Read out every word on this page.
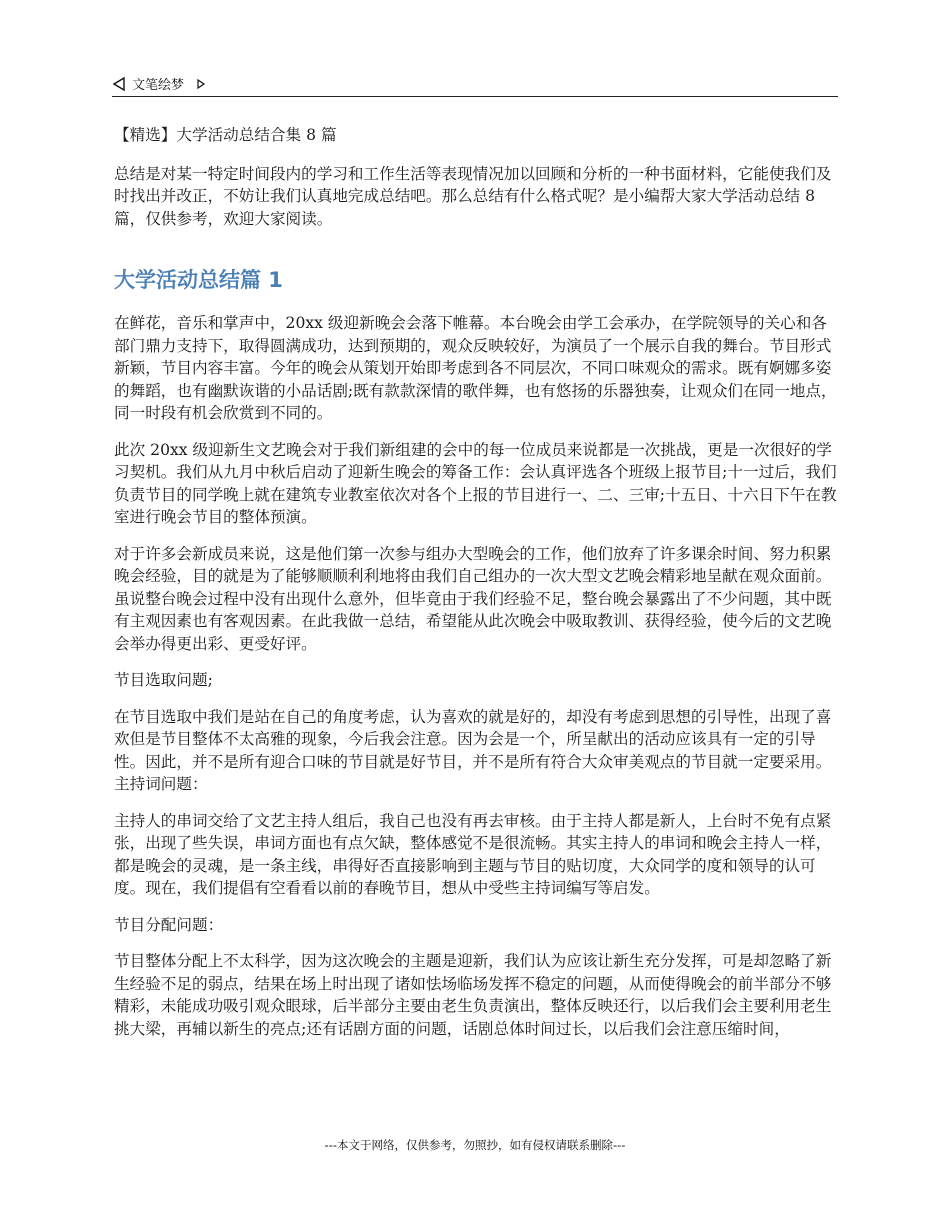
文笔绘梦

【精选】大学活动总结合集 8 篇

总结是对某一特定时间段内的学习和工作生活等表现情况加以回顾和分析的一种书面材料，它能使我们及时找出并改正，不妨让我们认真地完成总结吧。那么总结有什么格式呢？是小编帮大家大学活动总结 8 篇，仅供参考，欢迎大家阅读。

大学活动总结篇 1

在鲜花，音乐和掌声中，20xx 级迎新晚会会落下帷幕。本台晚会由学工会承办，在学院领导的关心和各部门鼎力支持下，取得圆满成功，达到预期的，观众反映较好，为演员了一个展示自我的舞台。节目形式新颖，节目内容丰富。今年的晚会从策划开始即考虑到各不同层次，不同口味观众的需求。既有婀娜多姿的舞蹈，也有幽默诙谐的小品话剧;既有款款深情的歌伴舞，也有悠扬的乐器独奏，让观众们在同一地点，同一时段有机会欣赏到不同的。

此次 20xx 级迎新生文艺晚会对于我们新组建的会中的每一位成员来说都是一次挑战，更是一次很好的学习契机。我们从九月中秋后启动了迎新生晚会的筹备工作：会认真评选各个班级上报节目;十一过后，我们负责节目的同学晚上就在建筑专业教室依次对各个上报的节目进行一、二、三审;十五日、十六日下午在教室进行晚会节目的整体预演。

对于许多会新成员来说，这是他们第一次参与组办大型晚会的工作，他们放弃了许多课余时间、努力积累晚会经验，目的就是为了能够顺顺利利地将由我们自己组办的一次大型文艺晚会精彩地呈献在观众面前。虽说整台晚会过程中没有出现什么意外，但毕竟由于我们经验不足，整台晚会暴露出了不少问题，其中既有主观因素也有客观因素。在此我做一总结，希望能从此次晚会中吸取教训、获得经验，使今后的文艺晚会举办得更出彩、更受好评。

节目选取问题;

在节目选取中我们是站在自己的角度考虑，认为喜欢的就是好的，却没有考虑到思想的引导性，出现了喜欢但是节目整体不太高雅的现象，今后我会注意。因为会是一个，所呈献出的活动应该具有一定的引导性。因此，并不是所有迎合口味的节目就是好节目，并不是所有符合大众审美观点的节目就一定要采用。主持词问题：

主持人的串词交给了文艺主持人组后，我自己也没有再去审核。由于主持人都是新人，上台时不免有点紧张，出现了些失误，串词方面也有点欠缺，整体感觉不是很流畅。其实主持人的串词和晚会主持人一样，都是晚会的灵魂，是一条主线，串得好否直接影响到主题与节目的贴切度，大众同学的度和领导的认可度。现在，我们提倡有空看看以前的春晚节目，想从中受些主持词编写等启发。

节目分配问题：

节目整体分配上不太科学，因为这次晚会的主题是迎新，我们认为应该让新生充分发挥，可是却忽略了新生经验不足的弱点，结果在场上时出现了诸如怯场临场发挥不稳定的问题，从而使得晚会的前半部分不够精彩，未能成功吸引观众眼球，后半部分主要由老生负责演出，整体反映还行，以后我们会主要利用老生挑大梁，再辅以新生的亮点;还有话剧方面的问题，话剧总体时间过长，以后我们会注意压缩时间，

---本文于网络，仅供参考，勿照抄，如有侵权请联系删除---
